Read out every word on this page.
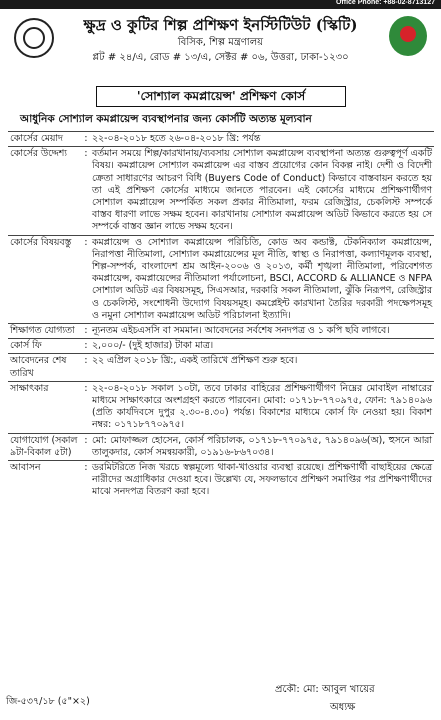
Office Phone: +88-02-8713127
ক্ষুদ্র ও কুটির শিল্প প্রশিক্ষণ ইনস্টিটিউট (স্কিটি)
বিসিক, শিল্প মন্ত্রণালয়
প্লট # ২৪/এ, রোড # ১৩/এ, সেক্টর # ০৬, উত্তরা, ঢাকা-১২৩০
'সোশ্যাল কমপ্লায়েন্স' প্রশিক্ষণ কোর্স
আধুনিক সোশ্যাল কমপ্লায়েন্স ব্যবস্থাপনার জন্য কোর্সটি অত্যন্ত মূল্যবান
কোর্সের মেয়াদ	: ২২-০৪-২০১৮ হতে ২৬-০৪-২০১৮ খ্রি: পর্যন্ত
কোর্সের উদ্দেশ্য	: বর্তমান সময়ে শিল্প/কারখানায়/ব্যবসায় সোশ্যাল কমপ্লায়েন্স ব্যবস্থাপনা অত্যন্ত গুরুত্বপূর্ণ একটি বিষয়। কমপ্লায়েন্স সোশ্যাল কমপ্লায়েন্স এর বাস্তব প্রয়োগের কোন বিকল্প নাই। দেশী ও বিদেশী ক্রেতা সাধারণের আচরণ বিধি (Buyers Code of Conduct) কিভাবে বাস্তবায়ন করতে হয় তা এই প্রশিক্ষণ কোর্সের মাধ্যমে জানতে পারবেন। এই কোর্সের মাধ্যমে প্রশিক্ষণার্থীগণ সোশ্যাল কমপ্লায়েন্স সম্পর্কিত সকল প্রকার নীতিমালা, ফরম রেজিস্ট্রার, চেকলিস্ট সম্পর্কে বাস্তব ধারণা লাভে সক্ষম হবেন। কারখানায় সোশ্যাল কমপ্লায়েন্স অডিট কিভাবে করতে হয় সে সম্পর্কে বাস্তব জ্ঞান লাভে সক্ষম হবেন।
কোর্সের বিষয়বস্তু	: কমপ্লায়েন্স ও সোশ্যাল কমপ্লায়েন্স পরিচিতি, কোড অব কন্ডাক্ট, টেকনিক্যাল কমপ্লায়েন্স, নিরাপত্তা নীতিমালা, সোশ্যাল কমপ্লায়েন্সের মূল নীতি, স্বাস্থ্য ও নিরাপত্তা, কল্যাণমূলক ব্যবস্থা, শিল্প-সম্পর্ক, বাংলাদেশ শ্রম আইন-২০০৬ ও ২০১৩, কর্মী শৃঙ্খলা নীতিমালা, পরিবেশগত কমপ্লায়েন্স, কমপ্লায়েন্সের নীতিমালা পর্যালোচনা, BSCI, ACCORD & ALLIANCE ও NFPA সোশ্যাল অডিট এর বিষয়সমূহ, সিএসআর, দরকারি সকল নীতিমালা, ঝুঁকি নিরূপণ, রেজিস্ট্রার ও চেকলিস্ট, সংশোধনী উদ্যোগ বিষয়সমূহ। কমপ্লেইন্ট কারখানা তৈরির দরকারী পদক্ষেপসমূহ ও নমুনা সোশ্যাল কমপ্লায়েন্স অডিট পরিচালনা ইত্যাদি।
শিক্ষাগত যোগ্যতা	: ন্যূনতম এইচএসসি বা সমমান। আবেদনের সর্বশেষ সনদপত্র ও ১ কপি ছবি লাগবে।
কোর্স ফি	: ২,০০০/- (দুই হাজার) টাকা মাত্র।
আবেদনের শেষ তারিখ
: ২২ এপ্রিল ২০১৮ খ্রি:, একই তারিখে প্রশিক্ষণ শুরু হবে।
সাক্ষাৎকার	: ২২-০৪-২০১৮ সকাল ১০টা, তবে ঢাকার বাহিরের প্রশিক্ষণার্থীগণ নিম্নের মোবাইল নাম্বারের মাধ্যমে সাক্ষাৎকারে অংশগ্রহণ করতে পারবেন। মোবা: ০১৭১৮-৭৭০৯৭৫, ফোন: ৭৯১৪০৯৬ (প্রতি কার্যদিবসে দুপুর ২.৩০-৪.৩০) পর্যন্ত। বিকাশের মাধ্যমে কোর্স ফি নেওয়া হয়। বিকাশ নম্বর: ০১৭১৮৭৭০৯৭৫।
যোগাযোগ (সকাল ৯টা-বিকাল ৫টা)
: মো: মোফাজ্জল হোসেন, কোর্স পরিচালক, ০১৭১৮-৭৭০৯৭৫, ৭৯১৪০৯৬(অ), হুসনে আরা তালুকদার, কোর্স সমন্বয়কারী, ০১৯১৬-৮৬৭০৩৪।
আবাসন	: ডরমিটরিতে নিজ খরচে স্বল্পমূল্যে থাকা-খাওয়ার ব্যবস্থা রয়েছে। প্রশিক্ষণার্থী বাছাইয়ের ক্ষেত্রে নারীদের অগ্রাধিকার দেওয়া হবে। উল্লেখ্য যে, সফলভাবে প্রশিক্ষণ সমাপ্তির পর প্রশিক্ষণার্থীদের মাঝে সনদপত্র বিতরণ করা হবে।
জি-৫৩৭/১৮ (৫"×২)
প্রকৌ: মো: আবুল খায়ের
অধ্যক্ষ
